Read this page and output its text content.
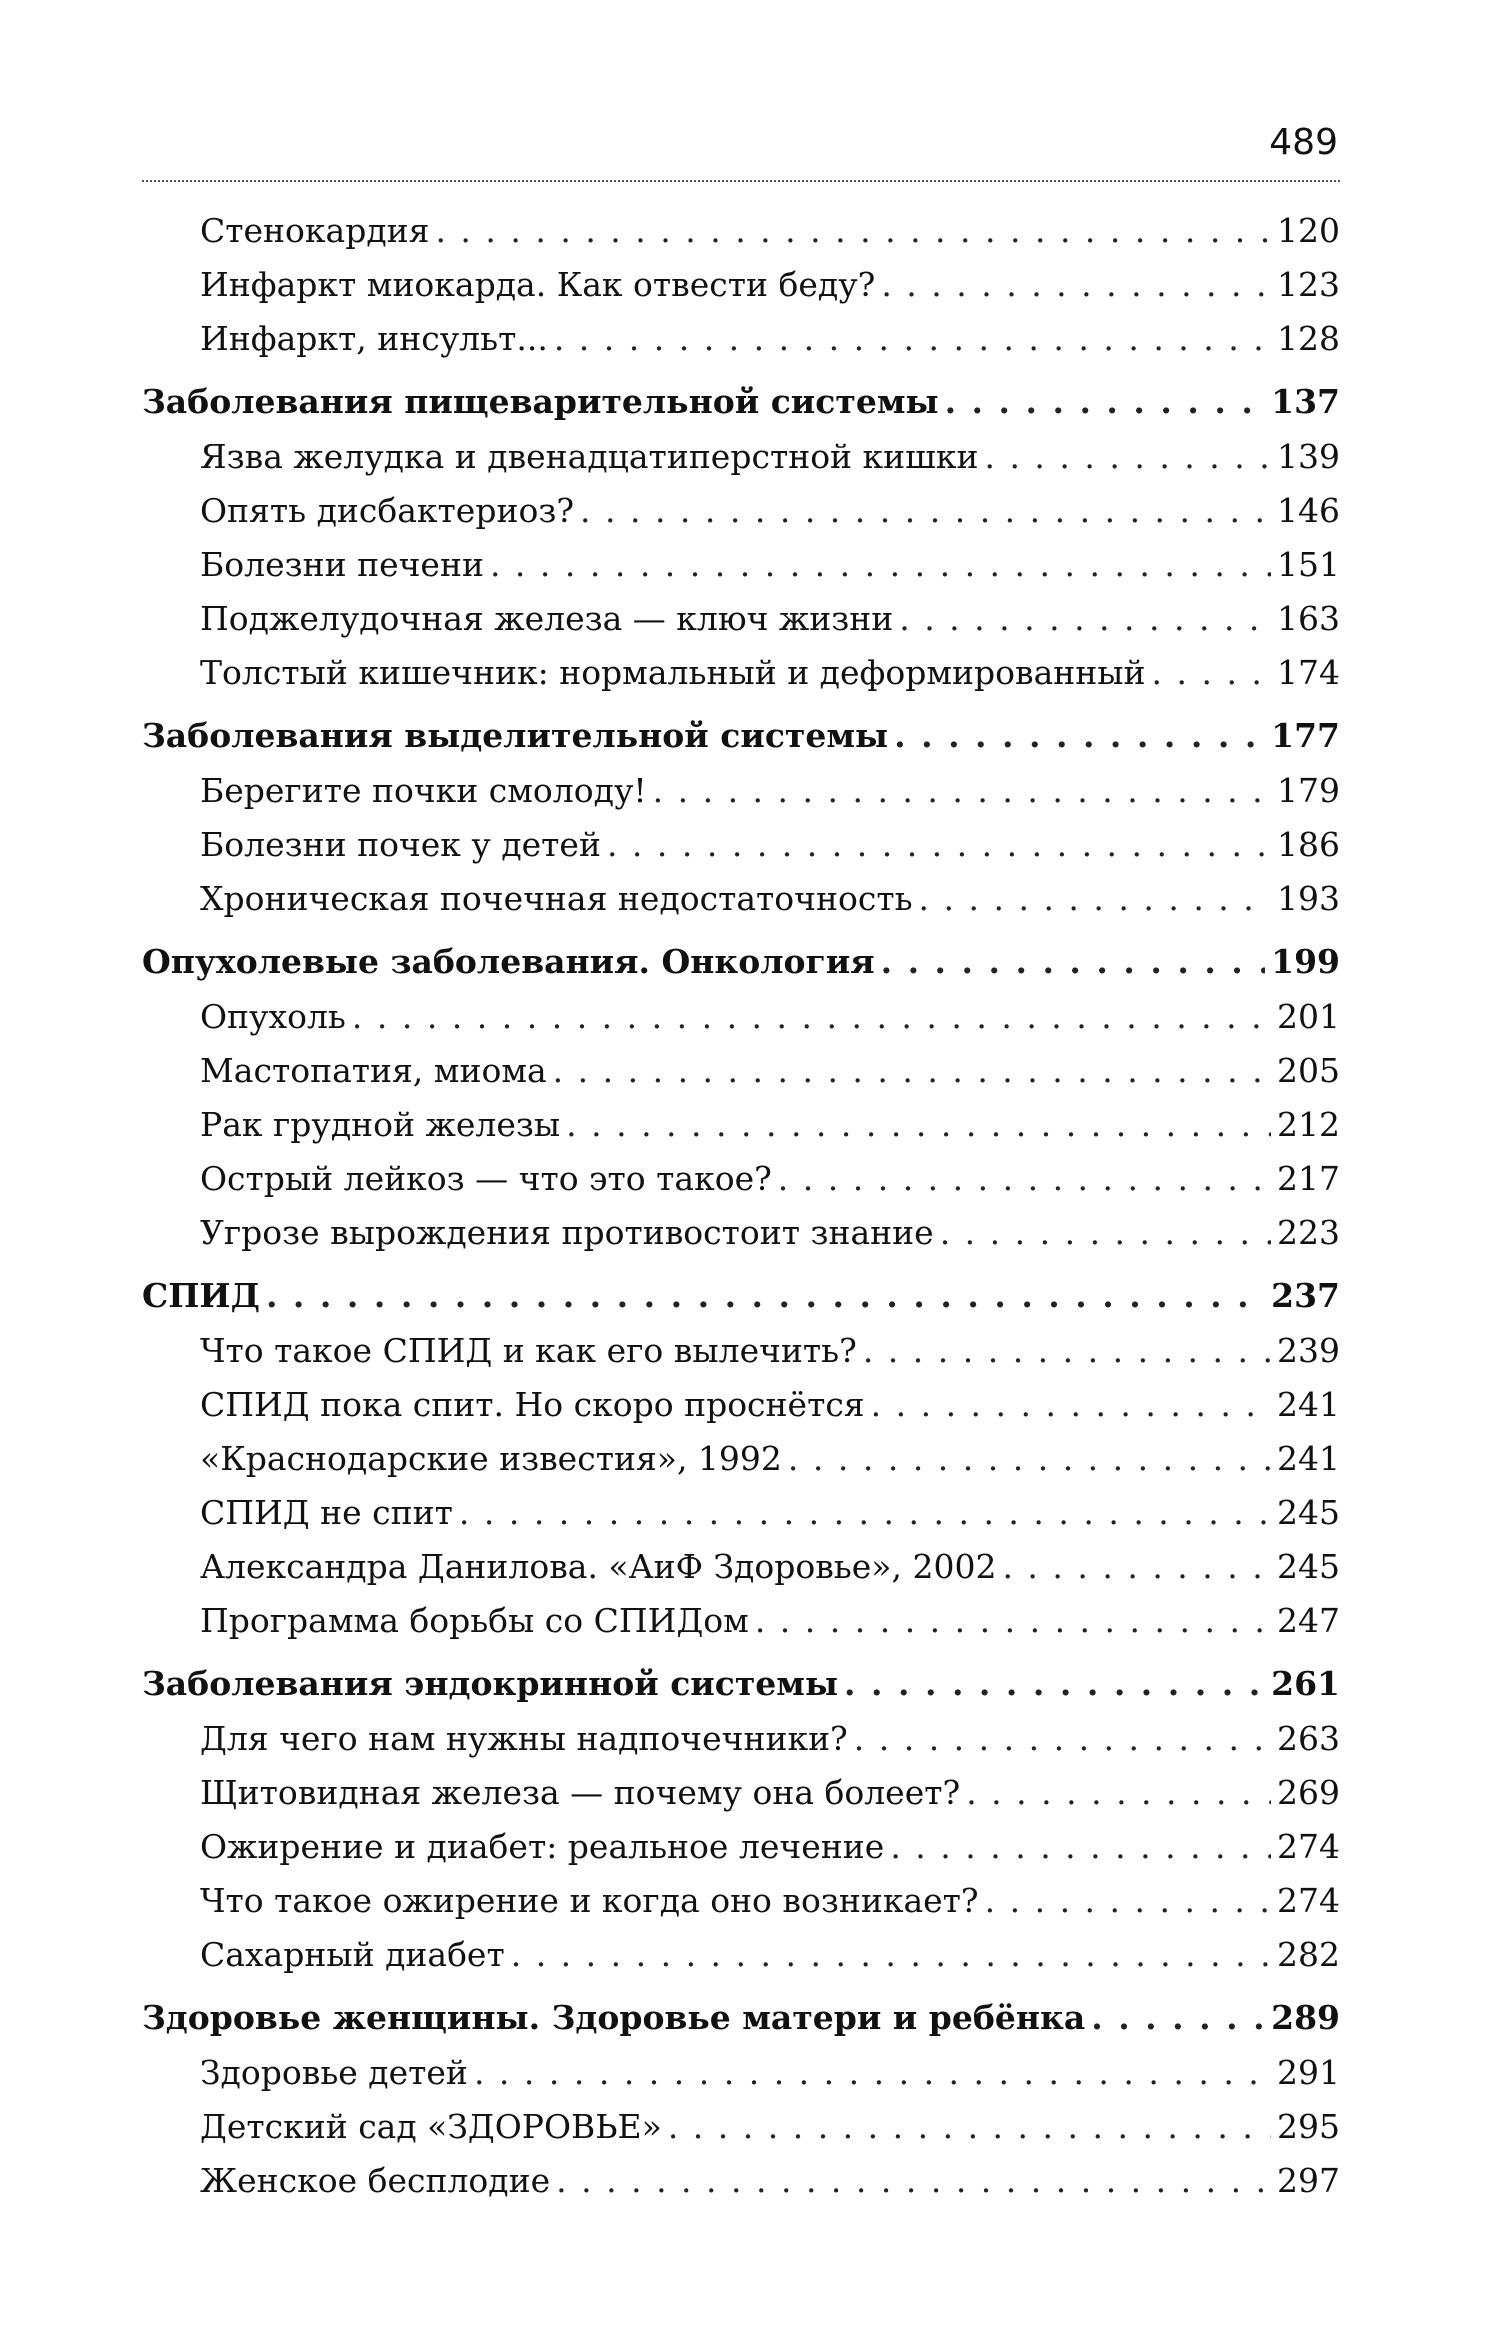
489
Стенокардия . . .	120
Инфаркт миокарда. Как отвести беду? . . .	123
Инфаркт, инсульт... . . .	128
Заболевания пищеварительной системы . . .	137
Язва желудка и двенадцатиперстной кишки . . .	139
Опять дисбактериоз? . . .	146
Болезни печени . . .	151
Поджелудочная железа — ключ жизни . . .	163
Толстый кишечник: нормальный и деформированный . . .	174
Заболевания выделительной системы . . .	177
Берегите почки смолоду! . . .	179
Болезни почек у детей . . .	186
Хроническая почечная недостаточность . . .	193
Опухолевые заболевания. Онкология . . .	199
Опухоль . . .	201
Мастопатия, миома . . .	205
Рак грудной железы . . .	212
Острый лейкоз — что это такое? . . .	217
Угрозе вырождения противостоит знание . . .	223
СПИД . . .	237
Что такое СПИД и как его вылечить? . . .	239
СПИД пока спит. Но скоро проснётся . . .	241
«Краснодарские известия», 1992 . . .	241
СПИД не спит . . .	245
Александра Данилова. «АиФ Здоровье», 2002 . . .	245
Программа борьбы со СПИДом . . .	247
Заболевания эндокринной системы . . .	261
Для чего нам нужны надпочечники? . . .	263
Щитовидная железа — почему она болеет? . . .	269
Ожирение и диабет: реальное лечение . . .	274
Что такое ожирение и когда оно возникает? . . .	274
Сахарный диабет . . .	282
Здоровье женщины. Здоровье матери и ребёнка . . .	289
Здоровье детей . . .	291
Детский сад «ЗДОРОВЬЕ» . . .	295
Женское бесплодие . . .	297
